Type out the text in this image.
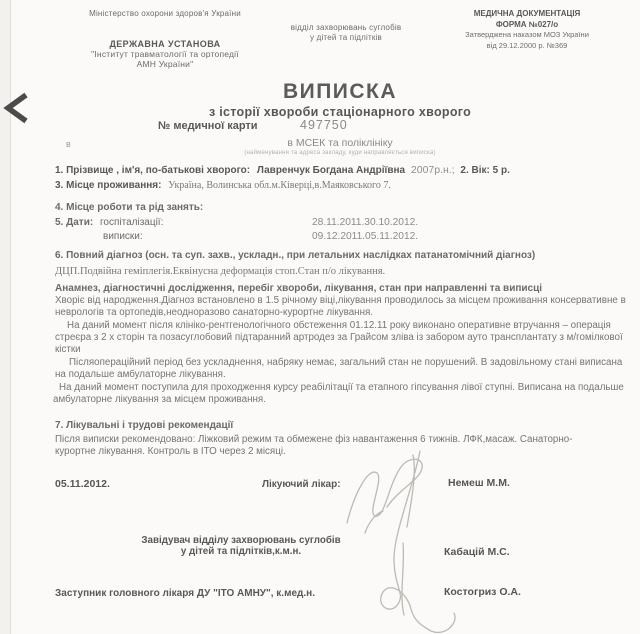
Міністерство охорони здоров'я України
відділ захворювань суглобів
у дітей та підлітків
МЕДИЧНА ДОКУМЕНТАЦІЯ
ФОРМА №027/о
Затверджена наказом МОЗ України
від 29.12.2000 р. №369
ДЕРЖАВНА УСТАНОВА
"Інститут травматології та ортопедії
АМН України"
ВИПИСКА
з історії хвороби стаціонарного хворого
№ медичної карти	497750
в	в МСЕК та поліклініку
(найменування та адреса закладу, куди направляється виписка)
1. Прізвище , ім'я, по-батькові хворого: Лавренчук Богдана Андріївна 2007р.н.; 2. Вік: 5 р.
3. Місце проживання: Україна, Волинська обл.м.Ківерці,в.Маяковського 7.
4. Місце роботи та рід занять:
5. Дати: госпіталізації:	28.11.2011.30.10.2012.
виписки:	09.12.2011.05.11.2012.
6. Повний діагноз (осн. та суп. захв., ускладн., при летальних наслідках патанатомічний діагноз)
ДЦП.Подвійна геміплегія.Еквінусна деформація стоп.Стан п/о лікування.
Анамнез, діагностичні дослідження, перебіг хвороби, лікування, стан при направленні та виписці
Хворіє від народження.Діагноз встановлено в 1.5 річному віці,лікування проводилось за місцем проживання консервативне в неврологів та ортопедів,неодноразово санаторно-курортне лікування.
На даний момент після клініко-рентгенологічного обстеження 01.12.11 року виконано оперативне втручання – операція стреєра з 2 х сторін та позасуглобовий підтаранний артродез за Грайсом зліва із забором ауто трансплантату з м/гомілкової кістки
Післяопераційний період без ускладнення, набряку немає, загальний стан не порушений. В задовільному стані виписана на подальше амбулаторне лікування.
На даний момент поступила для проходження курсу реабілітації та етапного гіпсування лівої ступні. Виписана на подальше амбулаторне лікування за місцем проживання.
7. Лікувальні і трудові рекомендації
Після виписки рекомендовано: Ліжковий режим та обмежене фіз навантаження 6 тижнів. ЛФК,масаж. Санаторно-курортне лікування. Контроль в ІТО через 2 місяці.
05.11.2012.	Лікуючий лікар:	Немеш М.М.
Завідувач відділу захворювань суглобів
у дітей та підлітків,к.м.н.	Кабацій М.С.
Заступник головного лікаря ДУ "ІТО АМНУ", к.мед.н.	Костогриз О.А.
